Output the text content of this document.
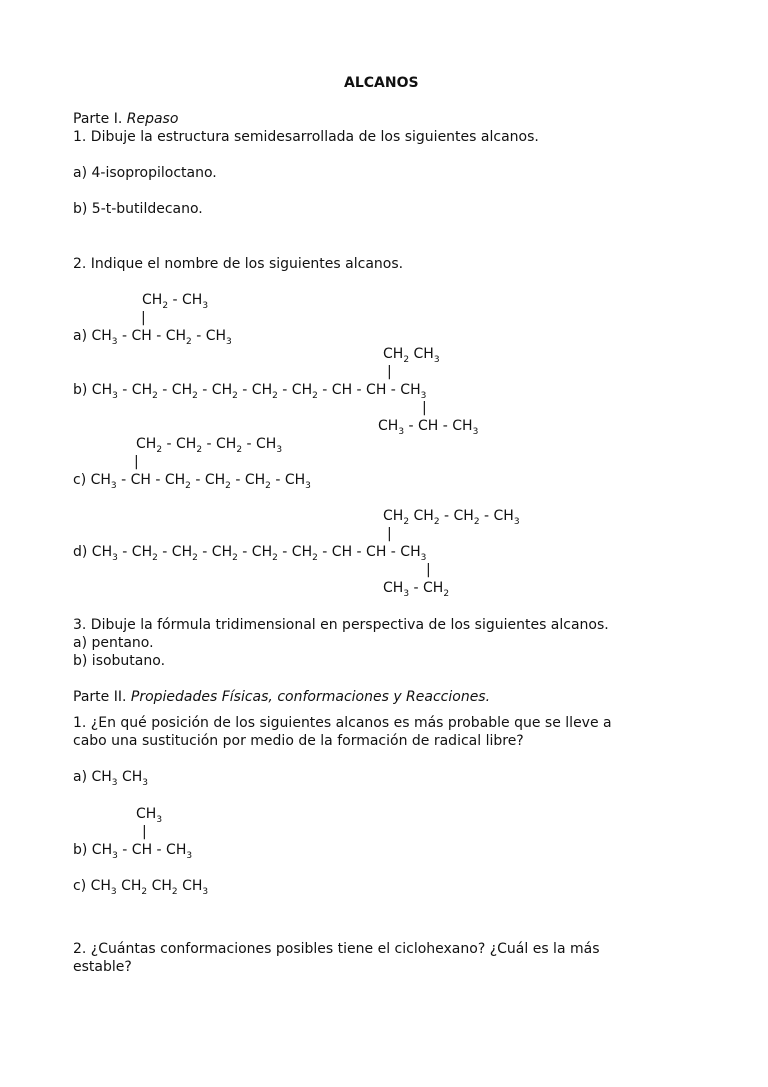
ALCANOS
Parte I. Repaso
1. Dibuje la estructura semidesarrollada de los siguientes alcanos.
a) 4-isopropiloctano.
b) 5-t-butildecano.
2. Indique el nombre de los siguientes alcanos.
$CH_2 - CH_3$
|
a) $CH_3$ - CH - $CH_2 - CH_3$
$CH_2$ $CH_3$
|
b) $CH_3 - CH_2 - CH_2 - CH_2 - CH_2 - CH_2$ - CH - CH - $CH_3$
|
$CH_3$ - CH - $CH_3$
$CH_2 - CH_2 - CH_2 - CH_3$
|
c) $CH_3$ - CH - $CH_2 - CH_2 - CH_2 - CH_3$
$CH_2$ $CH_2 - CH_2 - CH_3$
|
d) $CH_3 - CH_2 - CH_2 - CH_2 - CH_2 - CH_2$ - CH - CH - $CH_3$
|
$CH_3 - CH_2$
3. Dibuje la fórmula tridimensional en perspectiva de los siguientes alcanos.
a) pentano.
b) isobutano.
Parte II. Propiedades Físicas, conformaciones y Reacciones.
1. ¿En qué posición de los siguientes alcanos es más probable que se lleve a
cabo una sustitución por medio de la formación de radical libre?
a) $CH_3$ $CH_3$
$CH_3$
|
b) $CH_3$ - CH - $CH_3$
c) $CH_3$ $CH_2$ $CH_2$ $CH_3$
2. ¿Cuántas conformaciones posibles tiene el ciclohexano? ¿Cuál es la más
estable?
